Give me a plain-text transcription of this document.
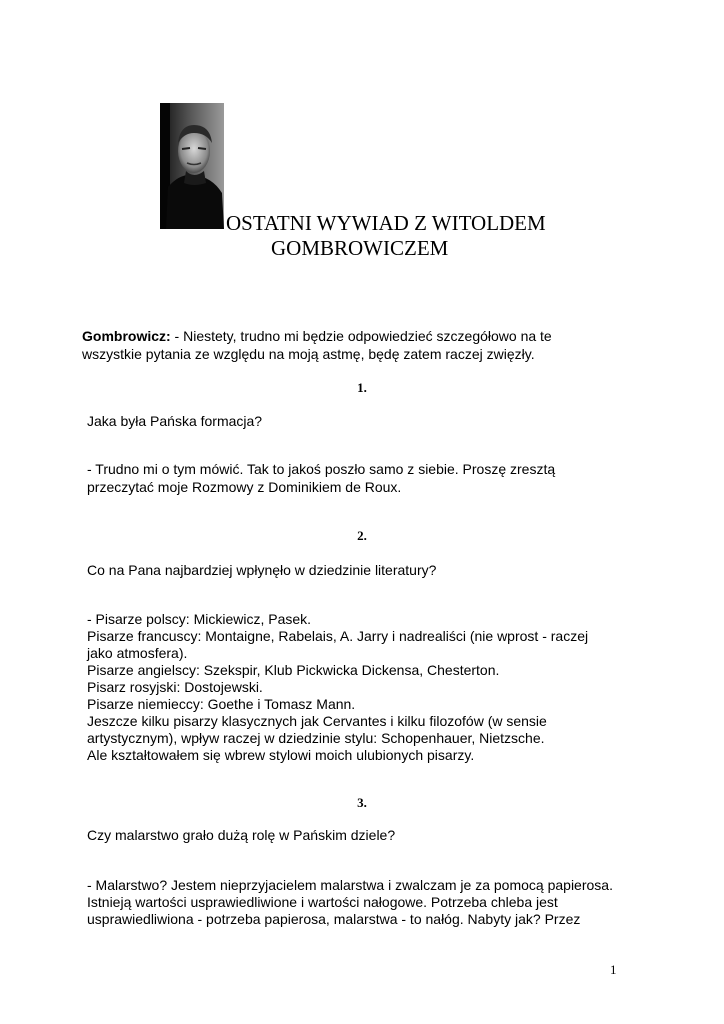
OSTATNI WYWIAD Z WITOLDEM
GOMBROWICZEM
Gombrowicz: - Niestety, trudno mi będzie odpowiedzieć szczegółowo na te
wszystkie pytania ze względu na moją astmę, będę zatem raczej zwięzły.
1.
Jaka była Pańska formacja?
- Trudno mi o tym mówić. Tak to jakoś poszło samo z siebie. Proszę zresztą
przeczytać moje Rozmowy z Dominikiem de Roux.
2.
Co na Pana najbardziej wpłynęło w dziedzinie literatury?
- Pisarze polscy: Mickiewicz, Pasek.
Pisarze francuscy: Montaigne, Rabelais, A. Jarry i nadrealiści (nie wprost - raczej
jako atmosfera).
Pisarze angielscy: Szekspir, Klub Pickwicka Dickensa, Chesterton.
Pisarz rosyjski: Dostojewski.
Pisarze niemieccy: Goethe i Tomasz Mann.
Jeszcze kilku pisarzy klasycznych jak Cervantes i kilku filozofów (w sensie
artystycznym), wpływ raczej w dziedzinie stylu: Schopenhauer, Nietzsche.
Ale kształtowałem się wbrew stylowi moich ulubionych pisarzy.
3.
Czy malarstwo grało dużą rolę w Pańskim dziele?
- Malarstwo? Jestem nieprzyjacielem malarstwa i zwalczam je za pomocą papierosa.
Istnieją wartości usprawiedliwione i wartości nałogowe. Potrzeba chleba jest
usprawiedliwiona - potrzeba papierosa, malarstwa - to nałóg. Nabyty jak? Przez
1
